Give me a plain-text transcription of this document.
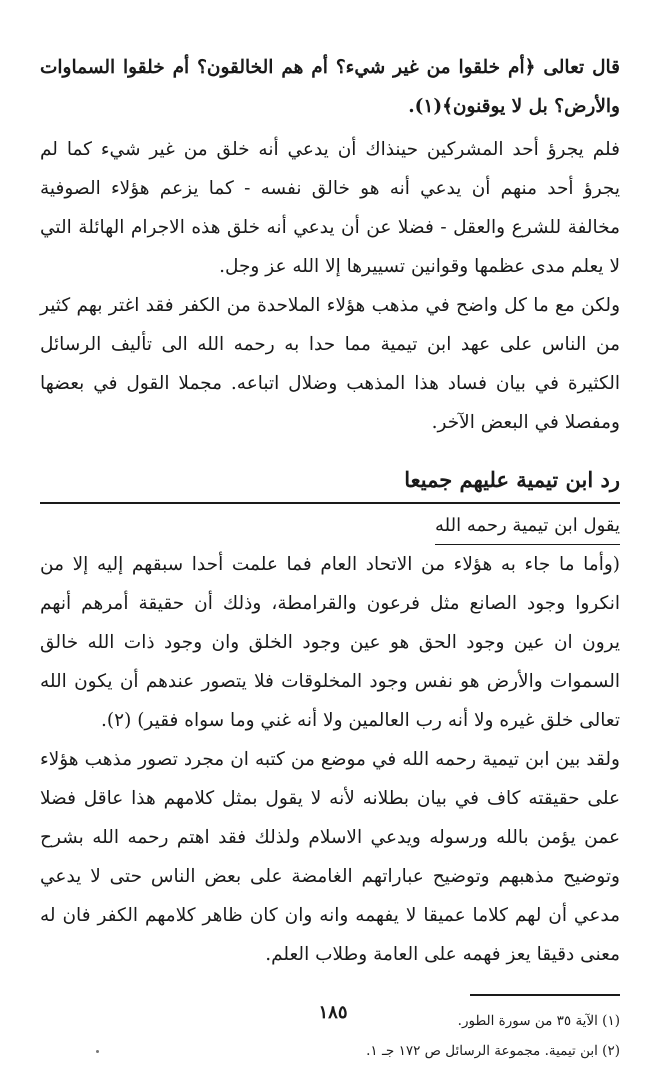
قال تعالى ﴿أم خلقوا من غير شيء؟ أم هم الخالقون؟ أم خلقوا السماوات والأرض؟ بل لا يوقنون﴾(١).

فلم يجرؤ أحد المشركين حينذاك أن يدعي أنه خلق من غير شيء كما لم يجرؤ أحد منهم أن يدعي أنه هو خالق نفسه - كما يزعم هؤلاء الصوفية مخالفة للشرع والعقل - فضلا عن أن يدعي أنه خلق هذه الاجرام الهائلة التي لا يعلم مدى عظمها وقوانين تسييرها إلا الله عز وجل.

ولكن مع ما كل واضح في مذهب هؤلاء الملاحدة من الكفر فقد اغتر بهم كثير من الناس على عهد ابن تيمية مما حدا به رحمه الله الى تأليف الرسائل الكثيرة في بيان فساد هذا المذهب وضلال اتباعه. مجملا القول في بعضها ومفصلا في البعض الآخر.

رد ابن تيمية عليهم جميعا

يقول ابن تيمية رحمه الله

(وأما ما جاء به هؤلاء من الاتحاد العام فما علمت أحدا سبقهم إليه إلا من انكروا وجود الصانع مثل فرعون والقرامطة، وذلك أن حقيقة أمرهم أنهم يرون ان عين وجود الحق هو عين وجود الخلق وان وجود ذات الله خالق السموات والأرض هو نفس وجود المخلوقات فلا يتصور عندهم أن يكون الله تعالى خلق غيره ولا أنه رب العالمين ولا أنه غني وما سواه فقير) (٢).

ولقد بين ابن تيمية رحمه الله في موضع من كتبه ان مجرد تصور مذهب هؤلاء على حقيقته كاف في بيان بطلانه لأنه لا يقول بمثل كلامهم هذا عاقل فضلا عمن يؤمن بالله ورسوله ويدعي الاسلام ولذلك فقد اهتم رحمه الله بشرح وتوضيح مذهبهم وتوضيح عباراتهم الغامضة على بعض الناس حتى لا يدعي مدعي أن لهم كلاما عميقا لا يفهمه وانه وان كان ظاهر كلامهم الكفر فان له معنى دقيقا يعز فهمه على العامة وطلاب العلم.

(١) الآية ٣٥ من سورة الطور.

(٢) ابن تيمية. مجموعة الرسائل ص ١٧٢ جـ ١.

١٨٥
